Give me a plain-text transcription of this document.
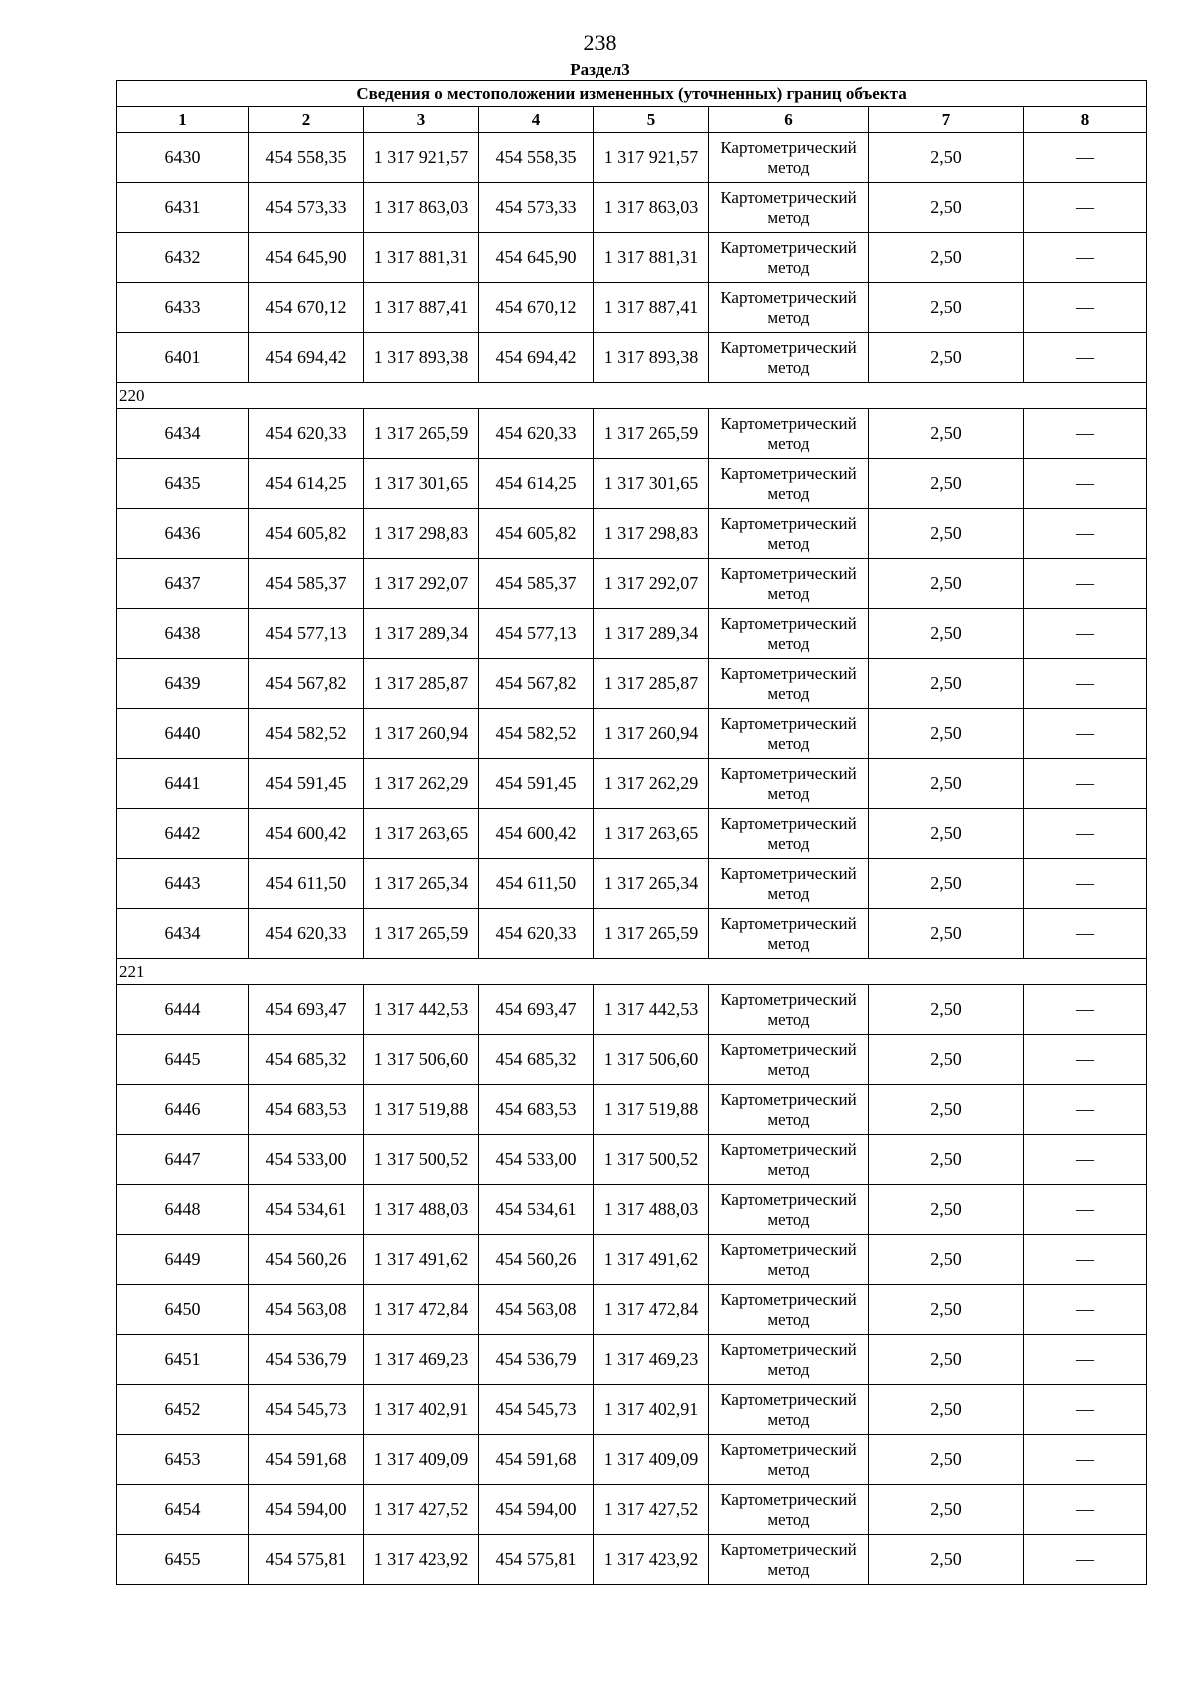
238
Раздел3
Сведения о местоположении измененных (уточненных) границ объекта							
1	2	3	4	5	6	7	8
6430	454 558,35	1 317 921,57	454 558,35	1 317 921,57	Картометрический метод	2,50	—
6431	454 573,33	1 317 863,03	454 573,33	1 317 863,03	Картометрический метод	2,50	—
6432	454 645,90	1 317 881,31	454 645,90	1 317 881,31	Картометрический метод	2,50	—
6433	454 670,12	1 317 887,41	454 670,12	1 317 887,41	Картометрический метод	2,50	—
6401	454 694,42	1 317 893,38	454 694,42	1 317 893,38	Картометрический метод	2,50	—
220							
6434	454 620,33	1 317 265,59	454 620,33	1 317 265,59	Картометрический метод	2,50	—
6435	454 614,25	1 317 301,65	454 614,25	1 317 301,65	Картометрический метод	2,50	—
6436	454 605,82	1 317 298,83	454 605,82	1 317 298,83	Картометрический метод	2,50	—
6437	454 585,37	1 317 292,07	454 585,37	1 317 292,07	Картометрический метод	2,50	—
6438	454 577,13	1 317 289,34	454 577,13	1 317 289,34	Картометрический метод	2,50	—
6439	454 567,82	1 317 285,87	454 567,82	1 317 285,87	Картометрический метод	2,50	—
6440	454 582,52	1 317 260,94	454 582,52	1 317 260,94	Картометрический метод	2,50	—
6441	454 591,45	1 317 262,29	454 591,45	1 317 262,29	Картометрический метод	2,50	—
6442	454 600,42	1 317 263,65	454 600,42	1 317 263,65	Картометрический метод	2,50	—
6443	454 611,50	1 317 265,34	454 611,50	1 317 265,34	Картометрический метод	2,50	—
6434	454 620,33	1 317 265,59	454 620,33	1 317 265,59	Картометрический метод	2,50	—
221							
6444	454 693,47	1 317 442,53	454 693,47	1 317 442,53	Картометрический метод	2,50	—
6445	454 685,32	1 317 506,60	454 685,32	1 317 506,60	Картометрический метод	2,50	—
6446	454 683,53	1 317 519,88	454 683,53	1 317 519,88	Картометрический метод	2,50	—
6447	454 533,00	1 317 500,52	454 533,00	1 317 500,52	Картометрический метод	2,50	—
6448	454 534,61	1 317 488,03	454 534,61	1 317 488,03	Картометрический метод	2,50	—
6449	454 560,26	1 317 491,62	454 560,26	1 317 491,62	Картометрический метод	2,50	—
6450	454 563,08	1 317 472,84	454 563,08	1 317 472,84	Картометрический метод	2,50	—
6451	454 536,79	1 317 469,23	454 536,79	1 317 469,23	Картометрический метод	2,50	—
6452	454 545,73	1 317 402,91	454 545,73	1 317 402,91	Картометрический метод	2,50	—
6453	454 591,68	1 317 409,09	454 591,68	1 317 409,09	Картометрический метод	2,50	—
6454	454 594,00	1 317 427,52	454 594,00	1 317 427,52	Картометрический метод	2,50	—
6455	454 575,81	1 317 423,92	454 575,81	1 317 423,92	Картометрический метод	2,50	—
